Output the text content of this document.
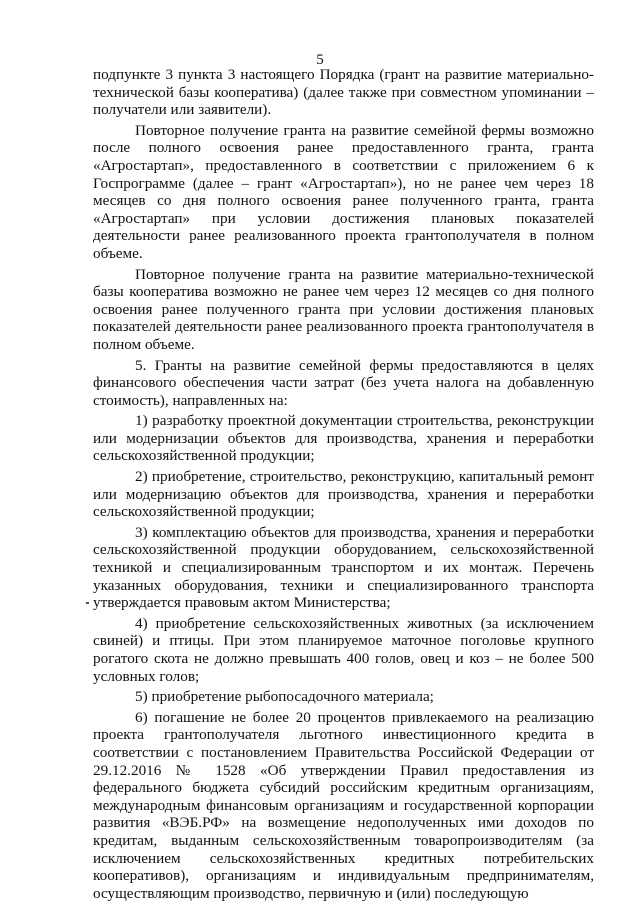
5

подпункте 3 пункта 3 настоящего Порядка (грант на развитие материально-технической базы кооператива) (далее также при совместном упоминании – получатели или заявители).

Повторное получение гранта на развитие семейной фермы возможно после полного освоения ранее предоставленного гранта, гранта «Агростартап», предоставленного в соответствии с приложением 6 к Госпрограмме (далее – грант «Агростартап»), но не ранее чем через 18 месяцев со дня полного освоения ранее полученного гранта, гранта «Агростартап» при условии достижения плановых показателей деятельности ранее реализованного проекта грантополучателя в полном объеме.

Повторное получение гранта на развитие материально-технической базы кооператива возможно не ранее чем через 12 месяцев со дня полного освоения ранее полученного гранта при условии достижения плановых показателей деятельности ранее реализованного проекта грантополучателя в полном объеме.

5. Гранты на развитие семейной фермы предоставляются в целях финансового обеспечения части затрат (без учета налога на добавленную стоимость), направленных на:

1) разработку проектной документации строительства, реконструкции или модернизации объектов для производства, хранения и переработки сельскохозяйственной продукции;

2) приобретение, строительство, реконструкцию, капитальный ремонт или модернизацию объектов для производства, хранения и переработки сельскохозяйственной продукции;

3) комплектацию объектов для производства, хранения и переработки сельскохозяйственной продукции оборудованием, сельскохозяйственной техникой и специализированным транспортом и их монтаж. Перечень указанных оборудования, техники и специализированного транспорта утверждается правовым актом Министерства;

4) приобретение сельскохозяйственных животных (за исключением свиней) и птицы. При этом планируемое маточное поголовье крупного рогатого скота не должно превышать 400 голов, овец и коз – не более 500 условных голов;

5) приобретение рыбопосадочного материала;

6) погашение не более 20 процентов привлекаемого на реализацию проекта грантополучателя льготного инвестиционного кредита в соответствии с постановлением Правительства Российской Федерации от 29.12.2016 № 1528 «Об утверждении Правил предоставления из федерального бюджета субсидий российским кредитным организациям, международным финансовым организациям и государственной корпорации развития «ВЭБ.РФ» на возмещение недополученных ими доходов по кредитам, выданным сельскохозяйственным товаропроизводителям (за исключением сельскохозяйственных кредитных потребительских кооперативов), организациям и индивидуальным предпринимателям, осуществляющим производство, первичную и (или) последующую
